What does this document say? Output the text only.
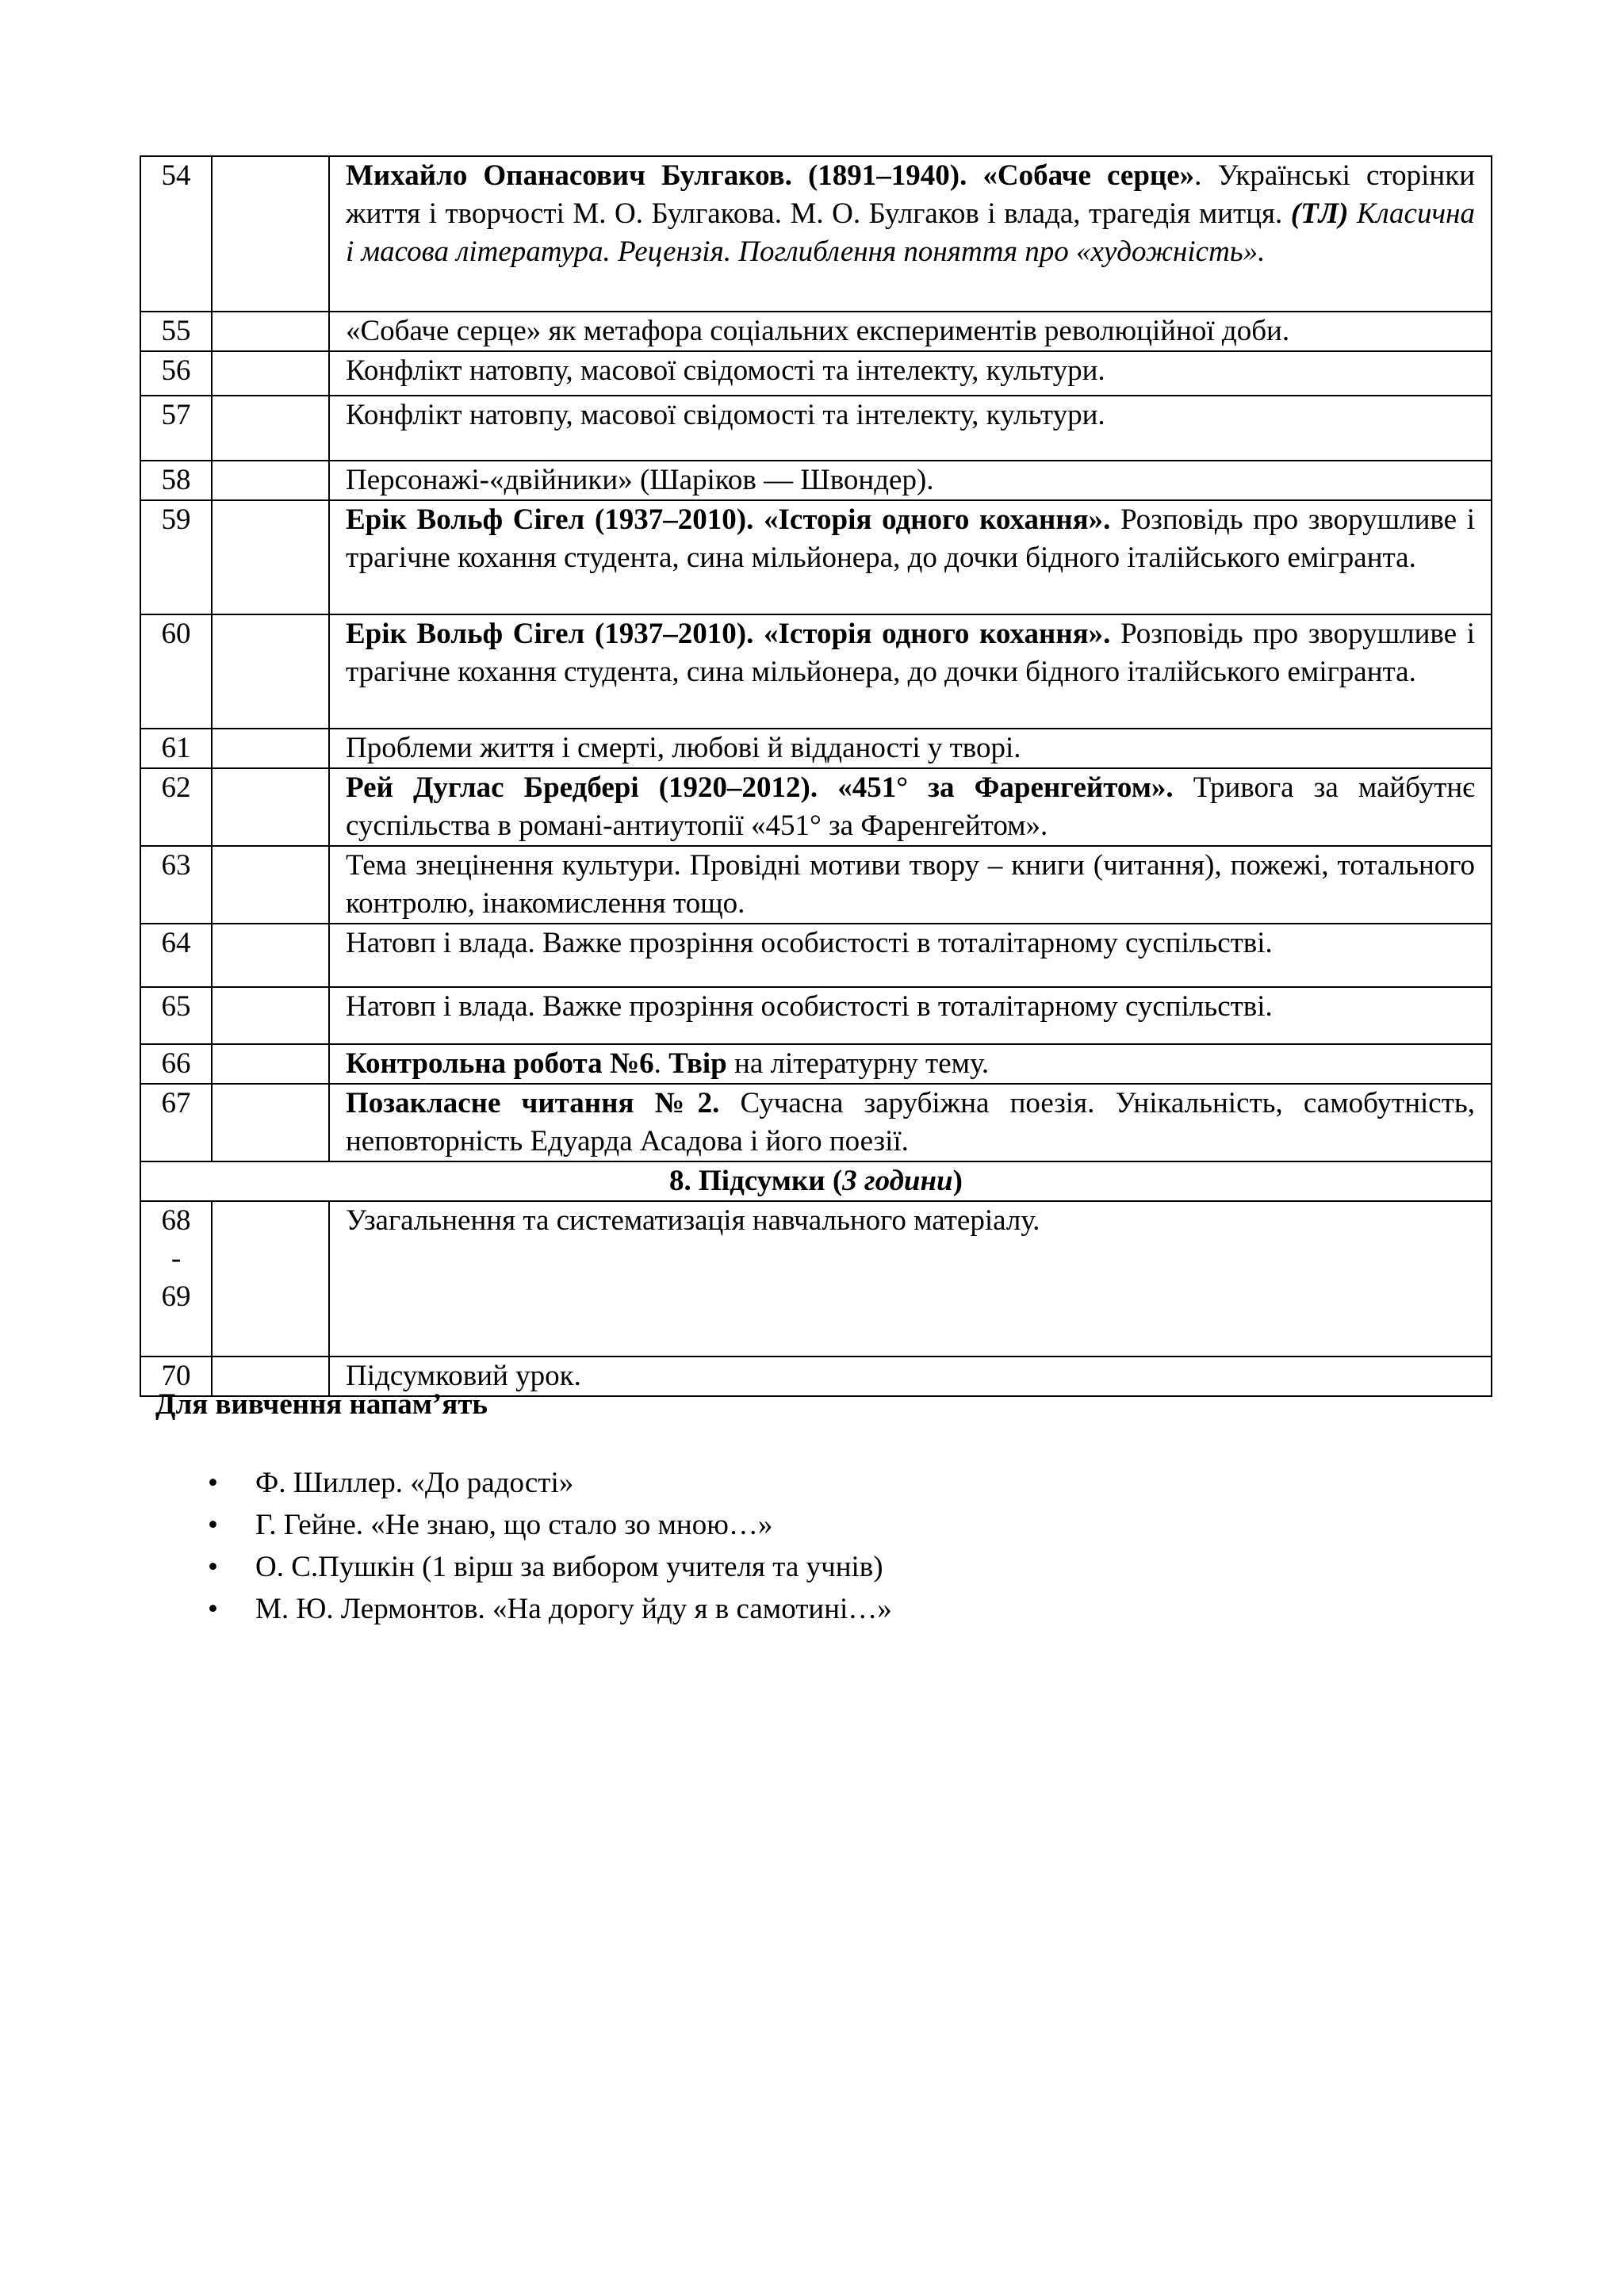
54		Михайло Опанасович Булгаков. (1891–1940). «Собаче серце». Українські сторінки життя і творчості М. О. Булгакова. М. О. Булгаков і влада, трагедія митця. (ТЛ) Класична і масова література. Рецензія. Поглиблення поняття про «художність».
55		«Собаче серце» як метафора соціальних експериментів революційної доби.
56		Конфлікт натовпу, масової свідомості та інтелекту, культури.
57		Конфлікт натовпу, масової свідомості та інтелекту, культури.
58		Персонажі-«двійники» (Шаріков — Швондер).
59		Ерік Вольф Сігел (1937–2010). «Історія одного кохання». Розповідь про зворушливе і трагічне кохання студента, сина мільйонера, до дочки бідного італійського емігранта.
60		Ерік Вольф Сігел (1937–2010). «Історія одного кохання». Розповідь про зворушливе і трагічне кохання студента, сина мільйонера, до дочки бідного італійського емігранта.
61		Проблеми життя і смерті, любові й відданості у творі.
62		Рей Дуглас Бредбері (1920–2012). «451° за Фаренгейтом». Тривога за майбутнє суспільства в романі-антиутопії «451° за Фаренгейтом».
63		Тема знецінення культури. Провідні мотиви твору – книги (читання), пожежі, тотального контролю, інакомислення тощо.
64		Натовп і влада. Важке прозріння особистості в тоталітарному суспільстві.
65		Натовп і влада. Важке прозріння особистості в тоталітарному суспільстві.
66		Контрольна робота №6. Твір на літературну тему.
67		Позакласне читання №2. Сучасна зарубіжна поезія. Унікальність, самобутність, неповторність Едуарда Асадова і його поезії.
8. Підсумки (3 години)		

68
-
69		Узагальнення та систематизація навчального матеріалу.
70		Підсумковий урок.
Для вивчення напам’ять
• Ф. Шиллер. «До радості»
• Г. Гейне. «Не знаю, що стало зо мною…»
• О. С.Пушкін (1 вірш за вибором учителя та учнів)
• М. Ю. Лермонтов. «На дорогу йду я в самотині…»
